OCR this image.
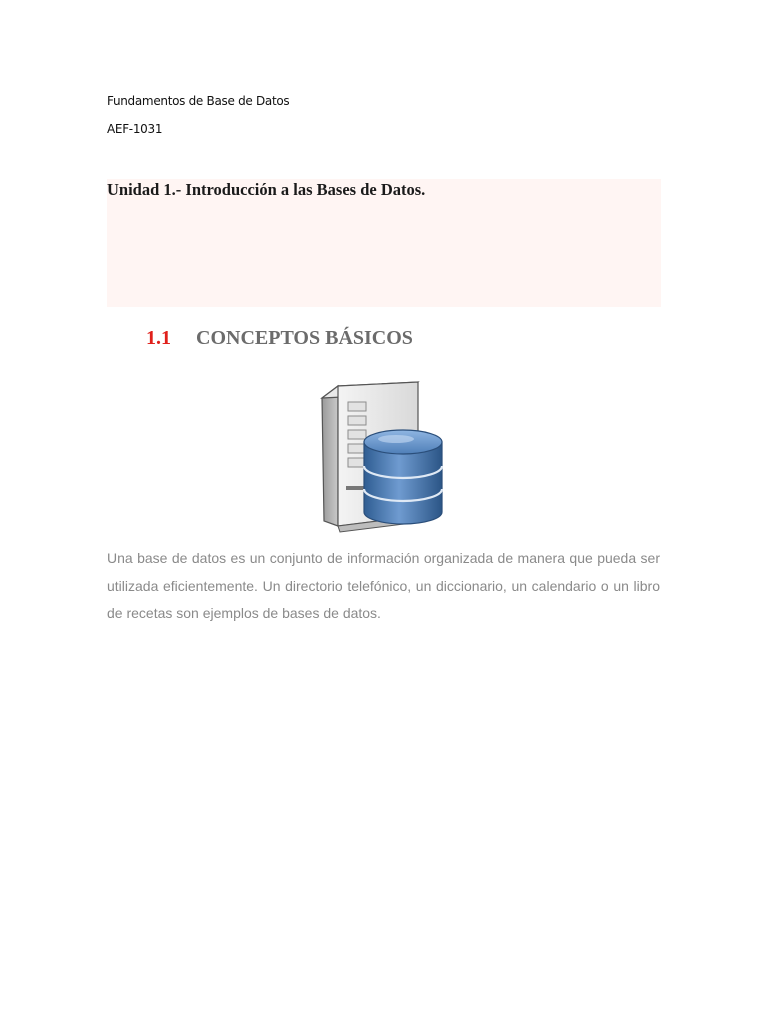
Fundamentos de Base de Datos
AEF-1031
Unidad 1.- Introducción a las Bases de Datos.
1.1 CONCEPTOS BÁSICOS

Una base de datos es un conjunto de información organizada de manera que pueda ser utilizada eficientemente. Un directorio telefónico, un diccionario, un calendario o un libro de recetas son ejemplos de bases de datos.
